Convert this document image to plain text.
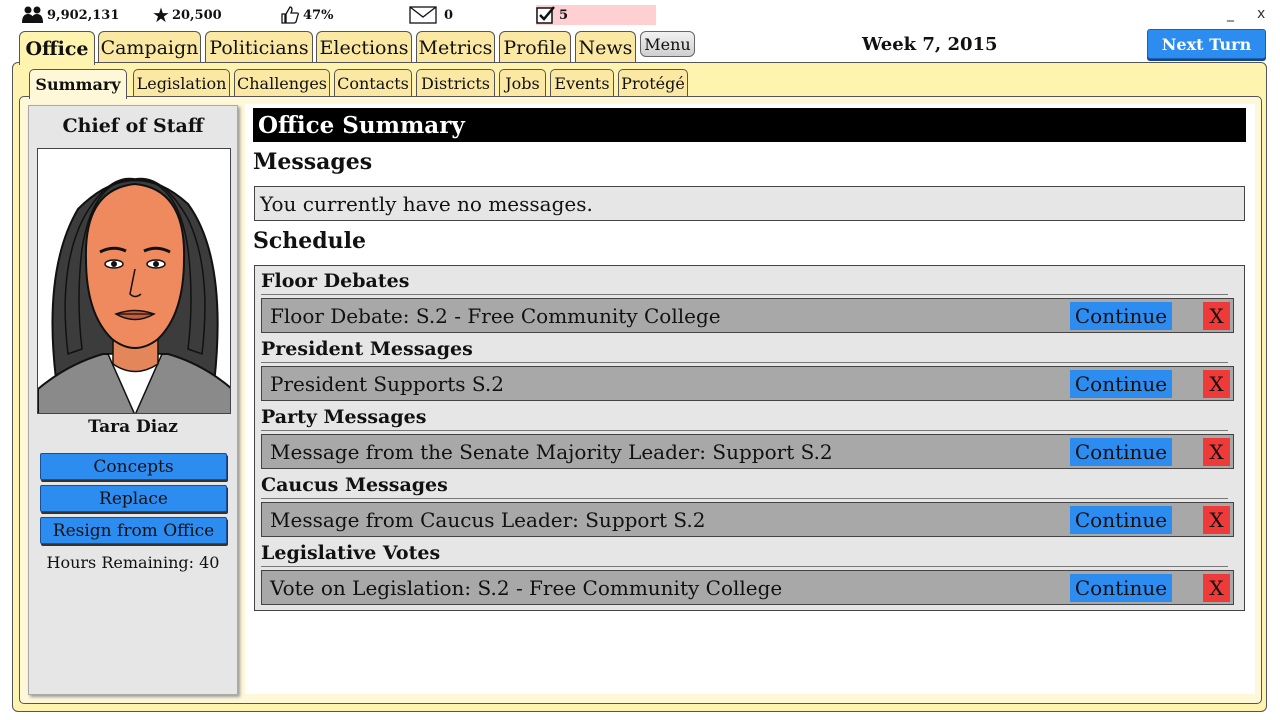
9,902,131 ★ 20,500	47%	0	5	_ x
Office Campaign Politicians Elections Metrics Profile News Menu	Week 7, 2015	Next Turn
Summary	Legislation Challenges Contacts Districts Jobs Events Protégé
Chief of Staff
Tara Diaz
Concepts
Replace
Resign from Office
Hours Remaining: 40
Office Summary
Messages
You currently have no messages.
Schedule
Floor Debates
Floor Debate: S.2 - Free Community College	Continue	X
President Messages
President Supports S.2	Continue	X
Party Messages
Message from the Senate Majority Leader: Support S.2	Continue	X
Caucus Messages
Message from Caucus Leader: Support S.2	Continue	X
Legislative Votes
Vote on Legislation: S.2 - Free Community College	Continue	X
